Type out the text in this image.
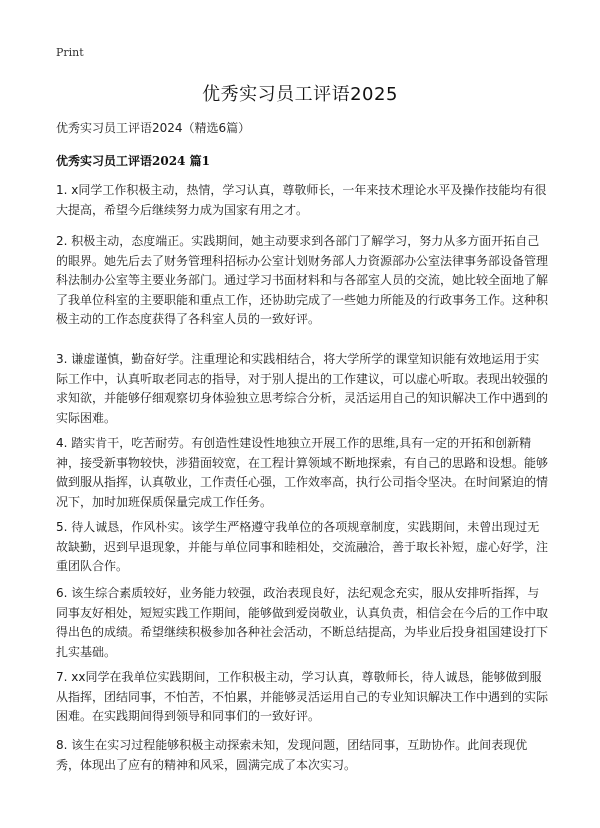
Print
优秀实习员工评语2025
优秀实习员工评语2024（精选6篇）
优秀实习员工评语2024 篇1
1. x同学工作积极主动，热情，学习认真，尊敬师长，一年来技术理论水平及操作技能均有很大提高，希望今后继续努力成为国家有用之才。
2. 积极主动，态度端正。实践期间，她主动要求到各部门了解学习，努力从多方面开拓自己的眼界。她先后去了财务管理科招标办公室计划财务部人力资源部办公室法律事务部设备管理科法制办公室等主要业务部门。通过学习书面材料和与各部室人员的交流，她比较全面地了解了我单位科室的主要职能和重点工作，还协助完成了一些她力所能及的行政事务工作。这种积极主动的工作态度获得了各科室人员的一致好评。
3. 谦虚谨慎，勤奋好学。注重理论和实践相结合，将大学所学的课堂知识能有效地运用于实际工作中，认真听取老同志的指导，对于别人提出的工作建议，可以虚心听取。表现出较强的求知欲，并能够仔细观察切身体验独立思考综合分析，灵活运用自己的知识解决工作中遇到的实际困难。
4. 踏实肯干，吃苦耐劳。有创造性建设性地独立开展工作的思维,具有一定的开拓和创新精神，接受新事物较快，涉猎面较宽，在工程计算领域不断地探索，有自己的思路和设想。能够做到服从指挥，认真敬业，工作责任心强，工作效率高，执行公司指令坚决。在时间紧迫的情况下，加时加班保质保量完成工作任务。
5. 待人诚恳，作风朴实。该学生严格遵守我单位的各项规章制度，实践期间，未曾出现过无故缺勤，迟到早退现象，并能与单位同事和睦相处，交流融洽，善于取长补短，虚心好学，注重团队合作。
6. 该生综合素质较好，业务能力较强，政治表现良好，法纪观念充实，服从安排听指挥，与同事友好相处，短短实践工作期间，能够做到爱岗敬业，认真负责，相信会在今后的工作中取得出色的成绩。希望继续积极参加各种社会活动，不断总结提高，为毕业后投身祖国建设打下扎实基础。
7. xx同学在我单位实践期间，工作积极主动，学习认真，尊敬师长，待人诚恳，能够做到服从指挥，团结同事，不怕苦，不怕累，并能够灵活运用自己的专业知识解决工作中遇到的实际困难。在实践期间得到领导和同事们的一致好评。
8. 该生在实习过程能够积极主动探索未知，发现问题，团结同事，互助协作。此间表现优秀，体现出了应有的精神和风采，圆满完成了本次实习。
